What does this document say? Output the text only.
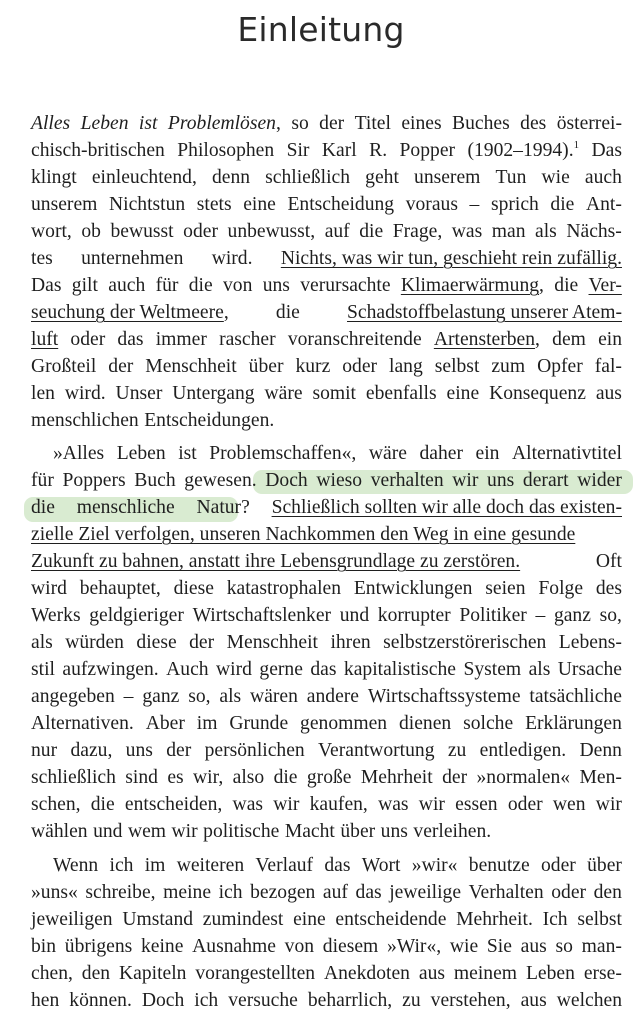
Einleitung
Alles Leben ist Problemlösen, so der Titel eines Buches des österrei-
chisch-britischen Philosophen Sir Karl R. Popper (1902–1994).$^1$ Das
klingt einleuchtend, denn schließlich geht unserem Tun wie auch
unserem Nichtstun stets eine Entscheidung voraus – sprich die Ant-
wort, ob bewusst oder unbewusst, auf die Frage, was man als Nächs-
tes unternehmen wird. Nichts, was wir tun, geschieht rein zufällig.
Das gilt auch für die von uns verursachte Klimaerwärmung, die Ver-
seuchung der Weltmeere, die Schadstoffbelastung unserer Atem-
luft oder das immer rascher voranschreitende Artensterben, dem ein
Großteil der Menschheit über kurz oder lang selbst zum Opfer fal-
len wird. Unser Untergang wäre somit ebenfalls eine Konsequenz aus
menschlichen Entscheidungen.
»Alles Leben ist Problemschaffen«, wäre daher ein Alternativtitel
für Poppers Buch gewesen. Doch wieso verhalten wir uns derart wider
die menschliche Natur? Schließlich sollten wir alle doch das existen-
zielle Ziel verfolgen, unseren Nachkommen den Weg in eine gesunde
Zukunft zu bahnen, anstatt ihre Lebensgrundlage zu zerstören.	Oft
wird behauptet, diese katastrophalen Entwicklungen seien Folge des
Werks geldgieriger Wirtschaftslenker und korrupter Politiker – ganz so,
als würden diese der Menschheit ihren selbstzerstörerischen Lebens-
stil aufzwingen. Auch wird gerne das kapitalistische System als Ursache
angegeben – ganz so, als wären andere Wirtschaftssysteme tatsächliche
Alternativen. Aber im Grunde genommen dienen solche Erklärungen
nur dazu, uns der persönlichen Verantwortung zu entledigen. Denn
schließlich sind es wir, also die große Mehrheit der »normalen« Men-
schen, die entscheiden, was wir kaufen, was wir essen oder wen wir
wählen und wem wir politische Macht über uns verleihen.
Wenn ich im weiteren Verlauf das Wort »wir« benutze oder über
»uns« schreibe, meine ich bezogen auf das jeweilige Verhalten oder den
jeweiligen Umstand zumindest eine entscheidende Mehrheit. Ich selbst
bin übrigens keine Ausnahme von diesem »Wir«, wie Sie aus so man-
chen, den Kapiteln vorangestellten Anekdoten aus meinem Leben erse-
hen können. Doch ich versuche beharrlich, zu verstehen, aus welchen
